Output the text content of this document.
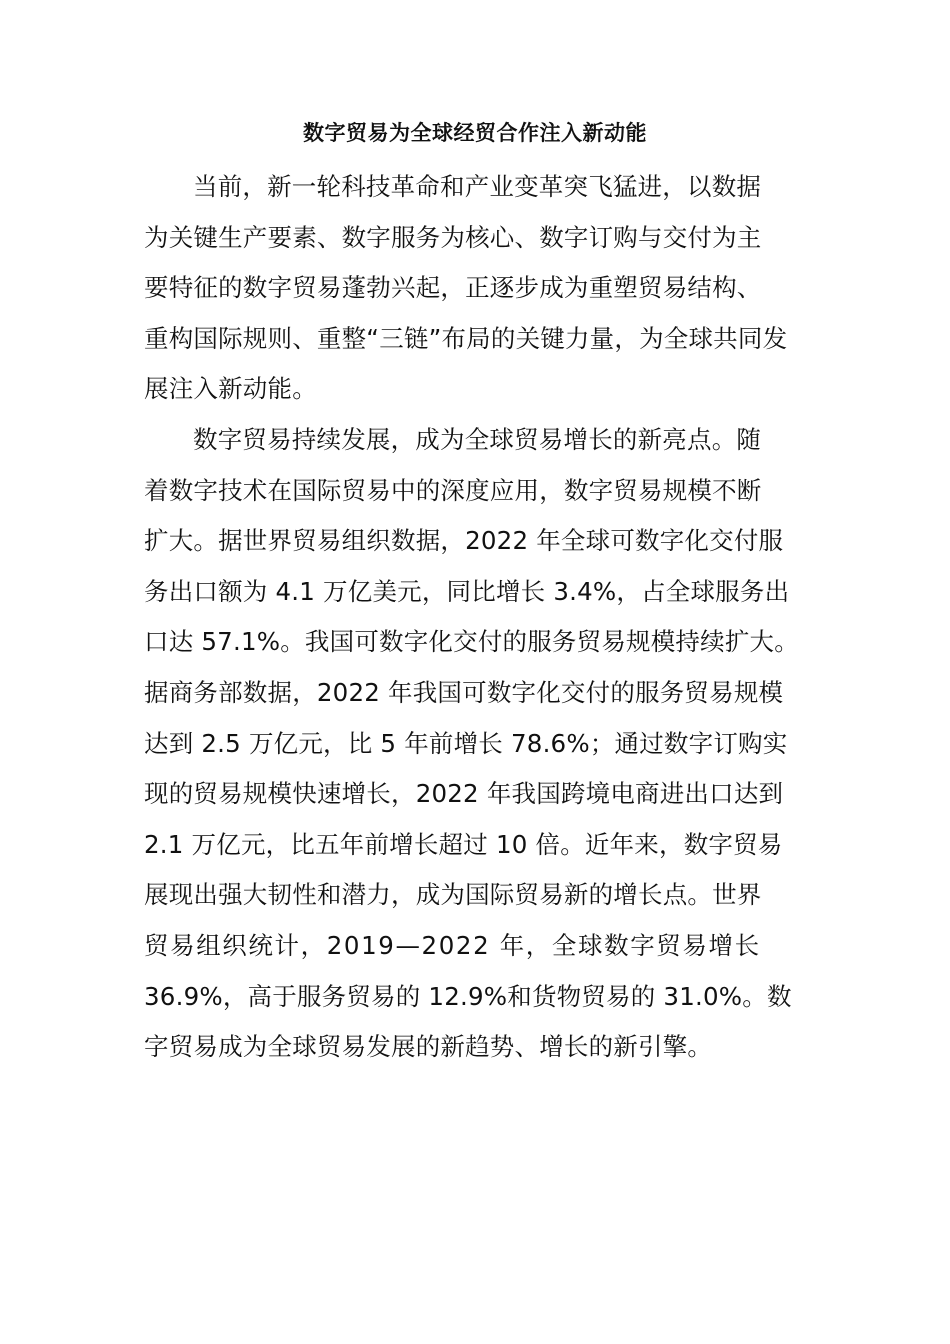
数字贸易为全球经贸合作注入新动能
当前，新一轮科技革命和产业变革突飞猛进，以数据
为关键生产要素、数字服务为核心、数字订购与交付为主
要特征的数字贸易蓬勃兴起，正逐步成为重塑贸易结构、
重构国际规则、重整“三链”布局的关键力量，为全球共同发
展注入新动能。
数字贸易持续发展，成为全球贸易增长的新亮点。随
着数字技术在国际贸易中的深度应用，数字贸易规模不断
扩大。据世界贸易组织数据，2022 年全球可数字化交付服
务出口额为 4.1 万亿美元，同比增长 3.4%，占全球服务出
口达 57.1%。我国可数字化交付的服务贸易规模持续扩大。
据商务部数据，2022 年我国可数字化交付的服务贸易规模
达到 2.5 万亿元，比 5 年前增长 78.6%；通过数字订购实
现的贸易规模快速增长，2022 年我国跨境电商进出口达到
2.1 万亿元，比五年前增长超过 10 倍。近年来，数字贸易
展现出强大韧性和潜力，成为国际贸易新的增长点。世界
贸易组织统计，2019—2022 年，全球数字贸易增长
36.9%，高于服务贸易的 12.9%和货物贸易的 31.0%。数
字贸易成为全球贸易发展的新趋势、增长的新引擎。
